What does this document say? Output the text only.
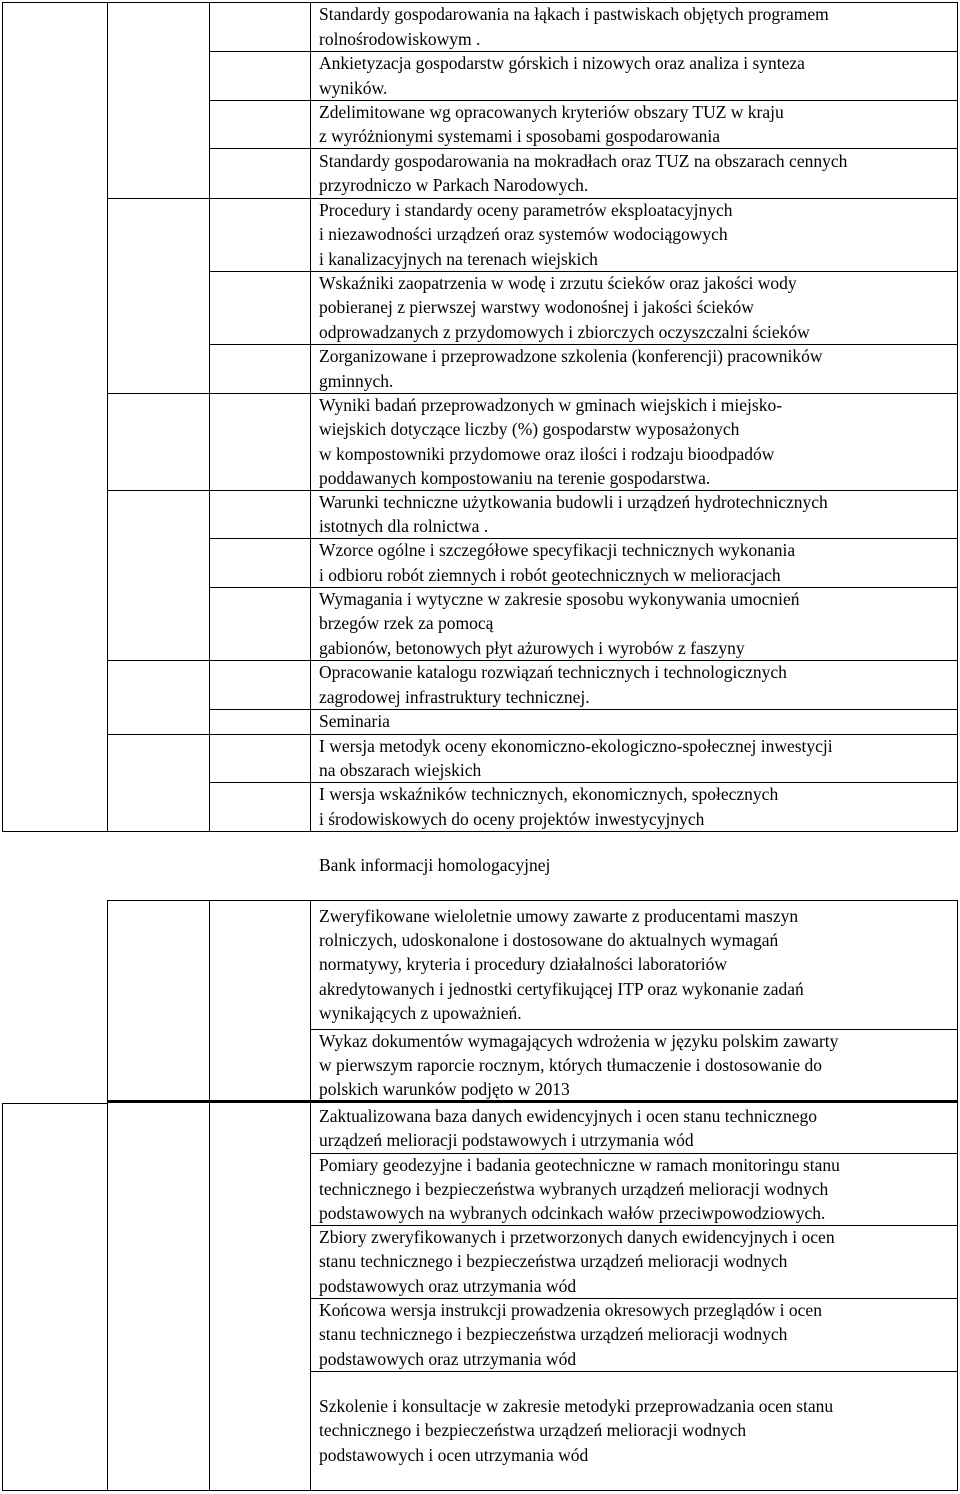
Standardy gospodarowania na łąkach i pastwiskach objętych programem
rolnośrodowiskowym .
Ankietyzacja gospodarstw górskich i nizowych oraz analiza i synteza
wyników.
Zdelimitowane wg opracowanych kryteriów obszary TUZ w kraju
z wyróżnionymi systemami i sposobami gospodarowania
Standardy gospodarowania na mokradłach oraz TUZ na obszarach cennych
przyrodniczo w Parkach Narodowych.
Procedury i standardy oceny parametrów eksploatacyjnych
i niezawodności urządzeń oraz systemów wodociągowych
i kanalizacyjnych na terenach wiejskich
Wskaźniki zaopatrzenia w wodę i zrzutu ścieków oraz jakości wody
pobieranej z pierwszej warstwy wodonośnej i jakości ścieków
odprowadzanych z przydomowych i zbiorczych oczyszczalni ścieków
Zorganizowane i przeprowadzone szkolenia (konferencji) pracowników
gminnych.
Wyniki badań przeprowadzonych w gminach wiejskich i miejsko-
wiejskich dotyczące liczby (%) gospodarstw wyposażonych
w kompostowniki przydomowe oraz ilości i rodzaju bioodpadów
poddawanych kompostowaniu na terenie gospodarstwa.
Warunki techniczne użytkowania budowli i urządzeń hydrotechnicznych
istotnych dla rolnictwa .
Wzorce ogólne i szczegółowe specyfikacji technicznych wykonania
i odbioru robót ziemnych i robót geotechnicznych w melioracjach
Wymagania i wytyczne w zakresie sposobu wykonywania umocnień
brzegów rzek za pomocą
gabionów, betonowych płyt ażurowych i wyrobów z faszyny
Opracowanie katalogu rozwiązań technicznych i technologicznych
zagrodowej infrastruktury technicznej.
Seminaria
I wersja metodyk oceny ekonomiczno-ekologiczno-społecznej inwestycji
na obszarach wiejskich
I wersja wskaźników technicznych, ekonomicznych, społecznych
i środowiskowych do oceny projektów inwestycyjnych
Bank informacji homologacyjnej
Zweryfikowane wieloletnie umowy zawarte z producentami maszyn
rolniczych, udoskonalone i dostosowane do aktualnych wymagań
normatywy, kryteria i procedury działalności laboratoriów
akredytowanych i jednostki certyfikującej ITP oraz wykonanie zadań
wynikających z upoważnień.
Wykaz dokumentów wymagających wdrożenia w języku polskim zawarty
w pierwszym raporcie rocznym, których tłumaczenie i dostosowanie do
polskich warunków podjęto w 2013
Zaktualizowana baza danych ewidencyjnych i ocen stanu technicznego
urządzeń melioracji podstawowych i utrzymania wód
Pomiary geodezyjne i badania geotechniczne w ramach monitoringu stanu
technicznego i bezpieczeństwa wybranych urządzeń melioracji wodnych
podstawowych na wybranych odcinkach wałów przeciwpowodziowych.
Zbiory zweryfikowanych i przetworzonych danych ewidencyjnych i ocen
stanu technicznego i bezpieczeństwa urządzeń melioracji wodnych
podstawowych oraz utrzymania wód
Końcowa wersja instrukcji prowadzenia okresowych przeglądów i ocen
stanu technicznego i bezpieczeństwa urządzeń melioracji wodnych
podstawowych oraz utrzymania wód
Szkolenie i konsultacje w zakresie metodyki przeprowadzania ocen stanu
technicznego i bezpieczeństwa urządzeń melioracji wodnych
podstawowych i ocen utrzymania wód
